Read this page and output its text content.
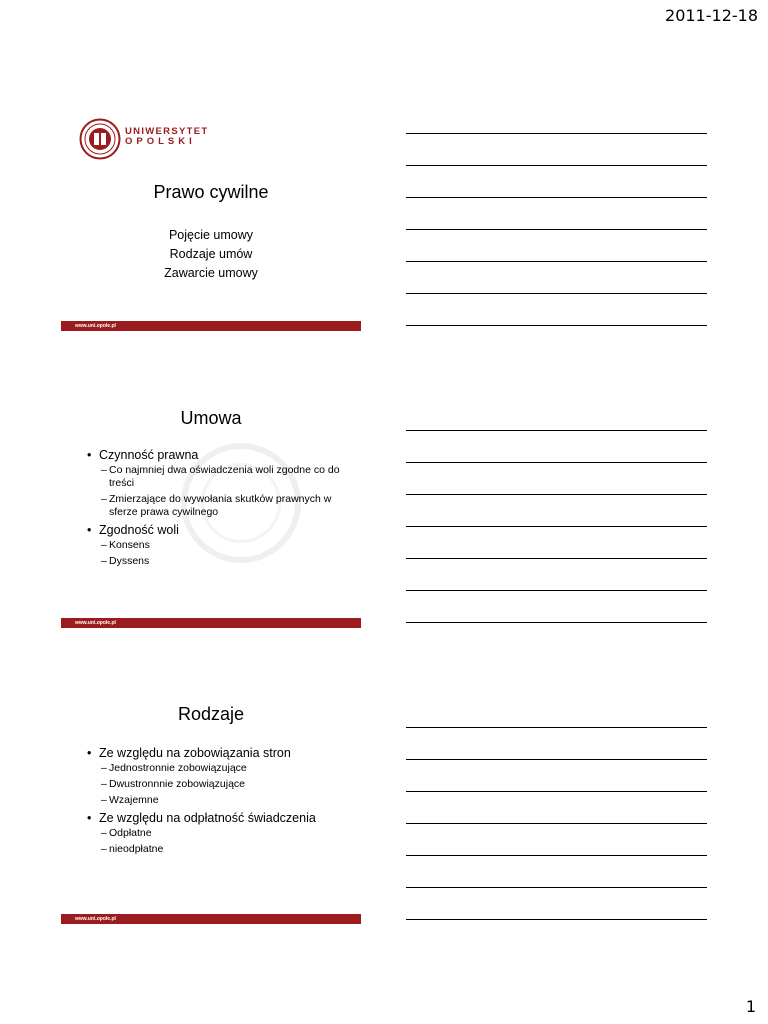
2011-12-18
UNIWERSYTET
OPOLSKI
Prawo cywilne
Pojęcie umowy
Rodzaje umów
Zawarcie umowy
www.uni.opole.pl
Umowa
• Czynność prawna
– Co najmniej dwa oświadczenia woli zgodne co do treści
– Zmierzające do wywołania skutków prawnych w sferze prawa cywilnego
• Zgodność woli
– Konsens
– Dyssens
www.uni.opole.pl
Rodzaje
• Ze względu na zobowiązania stron
– Jednostronnie zobowiązujące
– Dwustronnnie zobowiązujące
– Wzajemne
• Ze względu na odpłatność świadczenia
– Odpłatne
– nieodpłatne
www.uni.opole.pl
1
